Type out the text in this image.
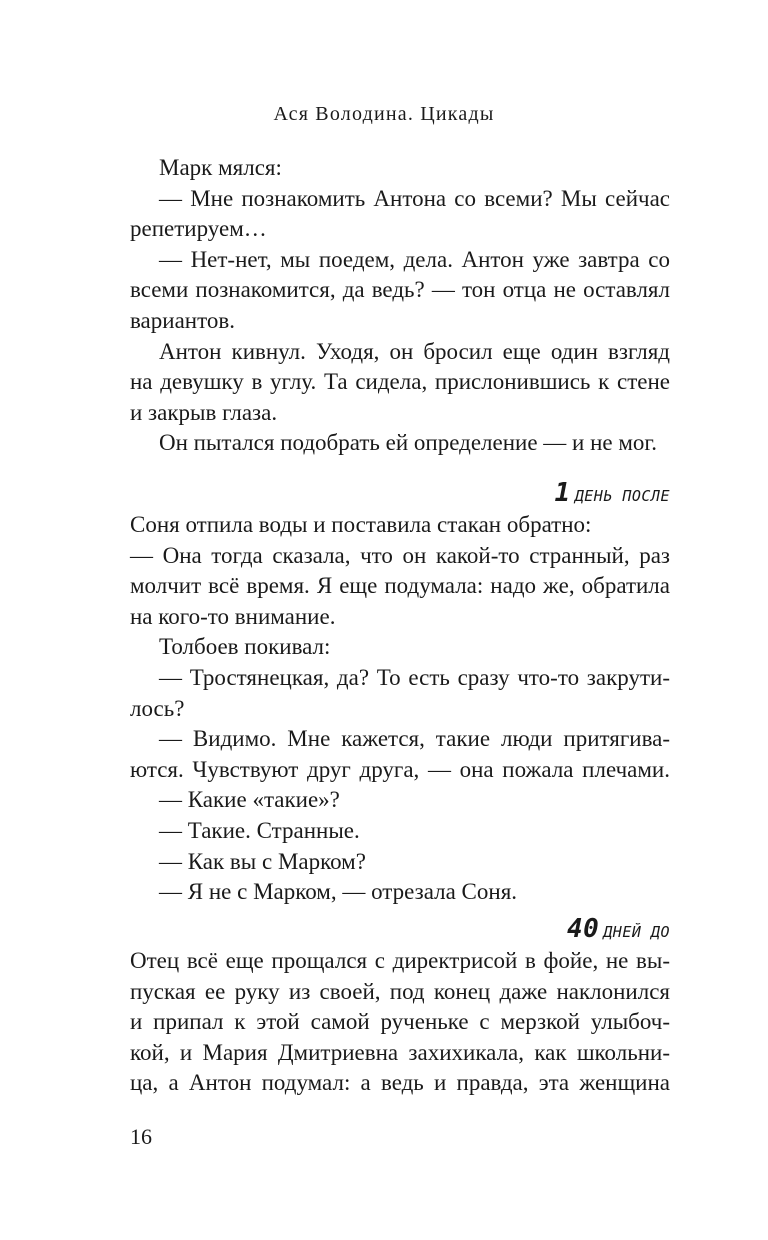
Ася Володина. Цикады
Марк мялся:
— Мне познакомить Антона со всеми? Мы сейчас
репетируем…
— Нет-нет, мы поедем, дела. Антон уже завтра со
всеми познакомится, да ведь? — тон отца не оставлял
вариантов.
Антон кивнул. Уходя, он бросил еще один взгляд
на девушку в углу. Та сидела, прислонившись к стене
и закрыв глаза.
Он пытался подобрать ей определение — и не мог.
1 ДЕНЬ ПОСЛЕ
Соня отпила воды и поставила стакан обратно:
— Она тогда сказала, что он какой-то странный, раз
молчит всё время. Я еще подумала: надо же, обратила
на кого-то внимание.
Толбоев покивал:
— Тростянецкая, да? То есть сразу что-то закрути-
лось?
— Видимо. Мне кажется, такие люди притягива-
ются. Чувствуют друг друга, — она пожала плечами.
— Какие «такие»?
— Такие. Странные.
— Как вы с Марком?
— Я не с Марком, — отрезала Соня.
40 ДНЕЙ ДО
Отец всё еще прощался с директрисой в фойе, не вы-
пуская ее руку из своей, под конец даже наклонился
и припал к этой самой рученьке с мерзкой улыбоч-
кой, и Мария Дмитриевна захихикала, как школьни-
ца, а Антон подумал: а ведь и правда, эта женщина
16
